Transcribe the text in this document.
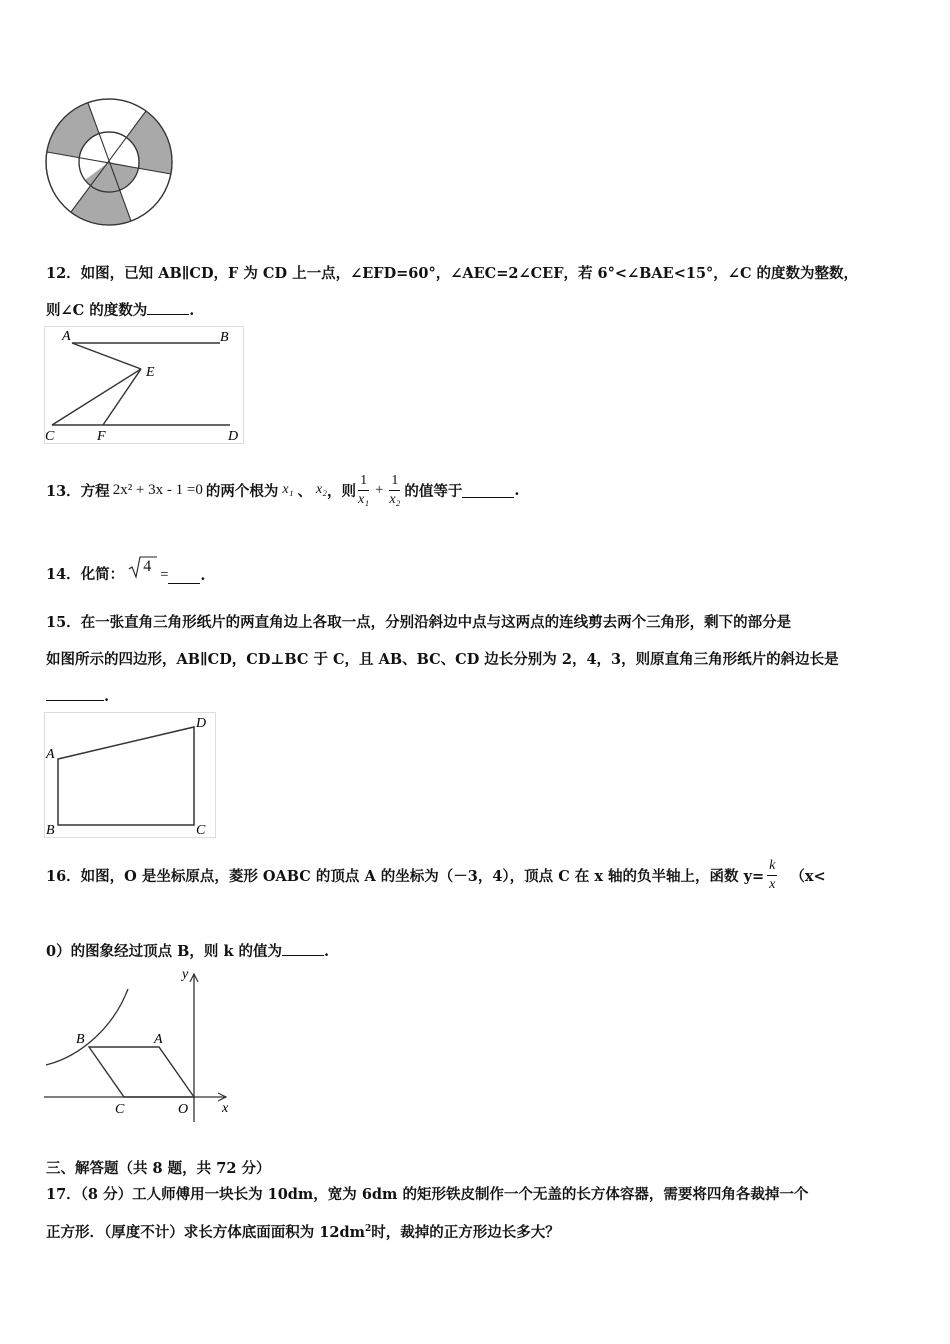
12．如图，已知 AB∥CD，F 为 CD 上一点，∠EFD=60°，∠AEC=2∠CEF，若 6°<∠BAE<15°，∠C 的度数为整数，
则∠C 的度数为	.
A	B
E
C	F	D
13．方程 2x² + 3x - 1 =0 的两个根为 x₁ 、 x₂ ，则 $\frac{1}{\text{x₁}} + \frac{1}{\text{x₂}}$ 的值等于	.
14．化简： 4 = .
15．在一张直角三角形纸片的两直角边上各取一点，分别沿斜边中点与这两点的连线剪去两个三角形，剩下的部分是
如图所示的四边形，AB∥CD，CD⊥BC 于 C，且 AB、BC、CD 边长分别为 2，4，3，则原直角三角形纸片的斜边长是
.
A
B	C
D
16．如图，O 是坐标原点，菱形 OABC 的顶点 A 的坐标为（－3，4），顶点 C 在 x 轴的负半轴上，函数 $y= \frac{k}{x} (x<$
0）的图象经过顶点 B，则 k 的值为	.
x
y
A
B
C	O
三、解答题（共 8 题，共 72 分）
17．（8 分）工人师傅用一块长为 10dm，宽为 6dm 的矩形铁皮制作一个无盖的长方体容器，需要将四角各裁掉一个
正方形．（厚度不计）求长方体底面面积为 $12dm^2$时，裁掉的正方形边长多大？
